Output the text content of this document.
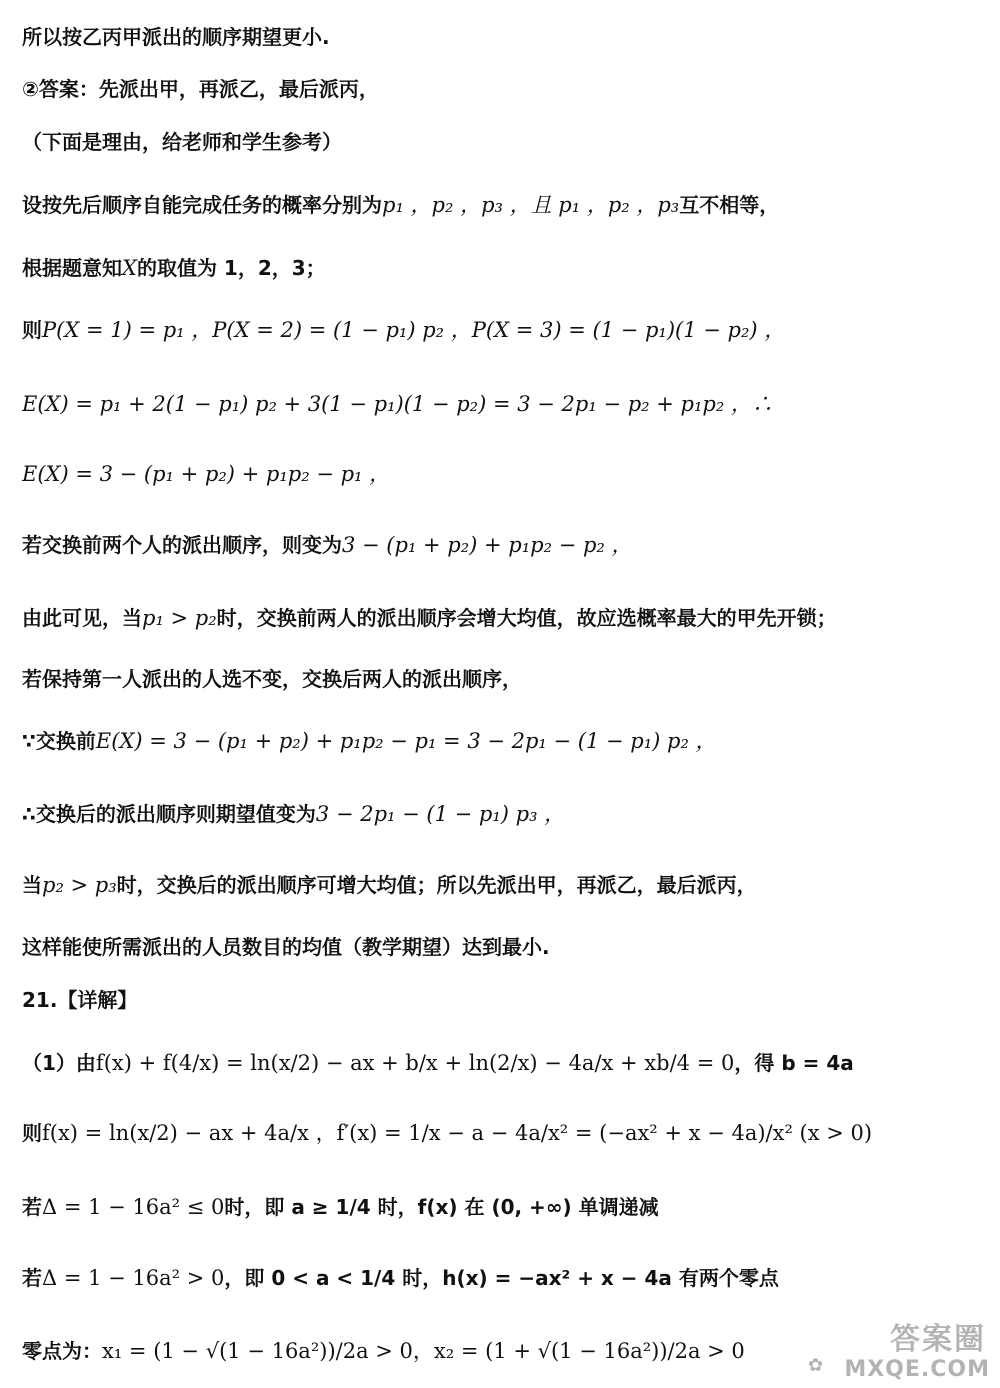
所以按乙丙甲派出的顺序期望更小.
②答案：先派出甲，再派乙，最后派丙，
（下面是理由，给老师和学生参考）
设按先后顺序自能完成任务的概率分别为p₁ ，p₂ ，p₃ ，且 p₁ ，p₂ ，p₃互不相等，
根据题意知X的取值为 1，2，3；
则P(X = 1) = p₁ ，P(X = 2) = (1 − p₁) p₂ ，P(X = 3) = (1 − p₁)(1 − p₂) ，
E(X) = p₁ + 2(1 − p₁) p₂ + 3(1 − p₁)(1 − p₂) = 3 − 2p₁ − p₂ + p₁p₂ ，∴
E(X) = 3 − (p₁ + p₂) + p₁p₂ − p₁ ，
若交换前两个人的派出顺序，则变为3 − (p₁ + p₂) + p₁p₂ − p₂ ，
由此可见，当p₁ > p₂时，交换前两人的派出顺序会增大均值，故应选概率最大的甲先开锁；
若保持第一人派出的人选不变，交换后两人的派出顺序，
∵交换前E(X) = 3 − (p₁ + p₂) + p₁p₂ − p₁ = 3 − 2p₁ − (1 − p₁) p₂ ，
∴交换后的派出顺序则期望值变为3 − 2p₁ − (1 − p₁) p₃ ，
当p₂ > p₃时，交换后的派出顺序可增大均值；所以先派出甲，再派乙，最后派丙，
这样能使所需派出的人员数目的均值（教学期望）达到最小.
21.【详解】
（1）由f(x) + f(4/x) = ln(x/2) − ax + b/x + ln(2/x) − 4a/x + xb/4 = 0，得 b = 4a
则f(x) = ln(x/2) − ax + 4a/x ，f′(x) = 1/x − a − 4a/x² = (−ax² + x − 4a)/x² (x > 0)
若Δ = 1 − 16a² ≤ 0时，即 a ≥ 1/4 时，f(x) 在 (0, +∞) 单调递减
若Δ = 1 − 16a² > 0，即 0 < a < 1/4 时，h(x) = −ax² + x − 4a 有两个零点
零点为：x₁ = (1 − √(1 − 16a²))/2a > 0，x₂ = (1 + √(1 − 16a²))/2a > 0
✿
答案圈
MXQE.COM
